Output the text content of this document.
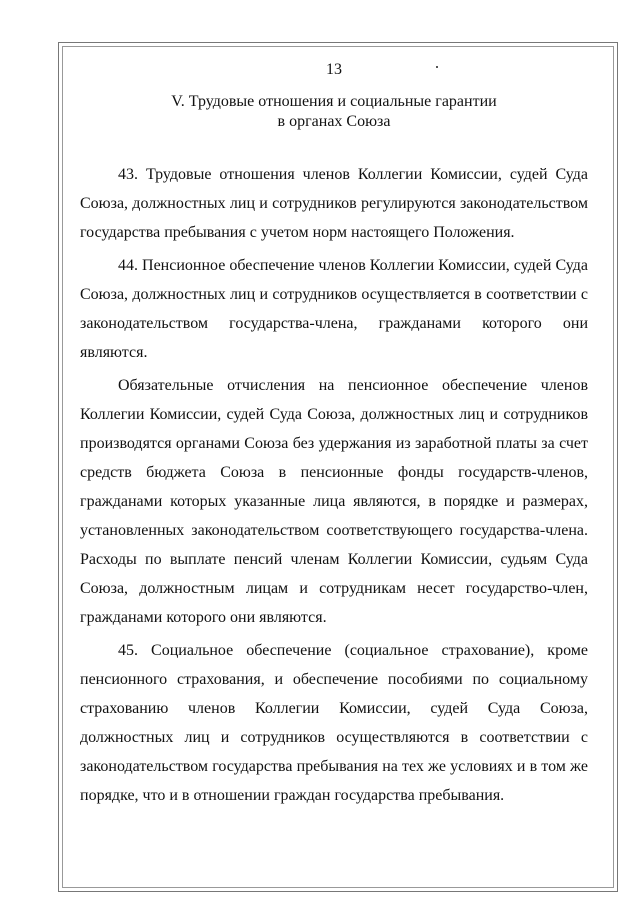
13
V. Трудовые отношения и социальные гарантии
в органах Союза

43. Трудовые отношения членов Коллегии Комиссии, судей Суда Союза, должностных лиц и сотрудников регулируются законодательством государства пребывания с учетом норм настоящего Положения.

44. Пенсионное обеспечение членов Коллегии Комиссии, судей Суда Союза, должностных лиц и сотрудников осуществляется в соответствии с законодательством государства-члена, гражданами которого они являются.

Обязательные отчисления на пенсионное обеспечение членов Коллегии Комиссии, судей Суда Союза, должностных лиц и сотрудников производятся органами Союза без удержания из заработной платы за счет средств бюджета Союза в пенсионные фонды государств-членов, гражданами которых указанные лица являются, в порядке и размерах, установленных законодательством соответствующего государства-члена. Расходы по выплате пенсий членам Коллегии Комиссии, судьям Суда Союза, должностным лицам и сотрудникам несет государство-член, гражданами которого они являются.

45. Социальное обеспечение (социальное страхование), кроме пенсионного страхования, и обеспечение пособиями по социальному страхованию членов Коллегии Комиссии, судей Суда Союза, должностных лиц и сотрудников осуществляются в соответствии с законодательством государства пребывания на тех же условиях и в том же порядке, что и в отношении граждан государства пребывания.
